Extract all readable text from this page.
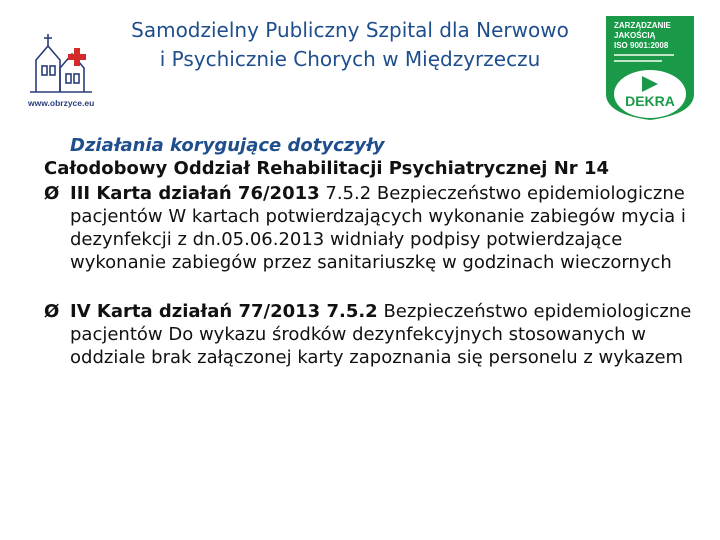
www.obrzyce.eu
Samodzielny Publiczny Szpital dla Nerwowo
i Psychicznie Chorych w Międzyrzeczu
ZARZĄDZANIE
JAKOŚCIĄ
ISO 9001:2008
DEKRA
Działania korygujące dotyczyły
Całodobowy Oddział Rehabilitacji Psychiatrycznej Nr 14
Ø III Karta działań 76/2013 7.5.2 Bezpieczeństwo epidemiologiczne pacjentów W kartach potwierdzających wykonanie zabiegów mycia i dezynfekcji z dn.05.06.2013 widniały podpisy potwierdzające wykonanie zabiegów przez sanitariuszkę w godzinach wieczornych
Ø IV Karta działań 77/2013 7.5.2 Bezpieczeństwo epidemiologiczne pacjentów Do wykazu środków dezynfekcyjnych stosowanych w oddziale brak załączonej karty zapoznania się personelu z wykazem
